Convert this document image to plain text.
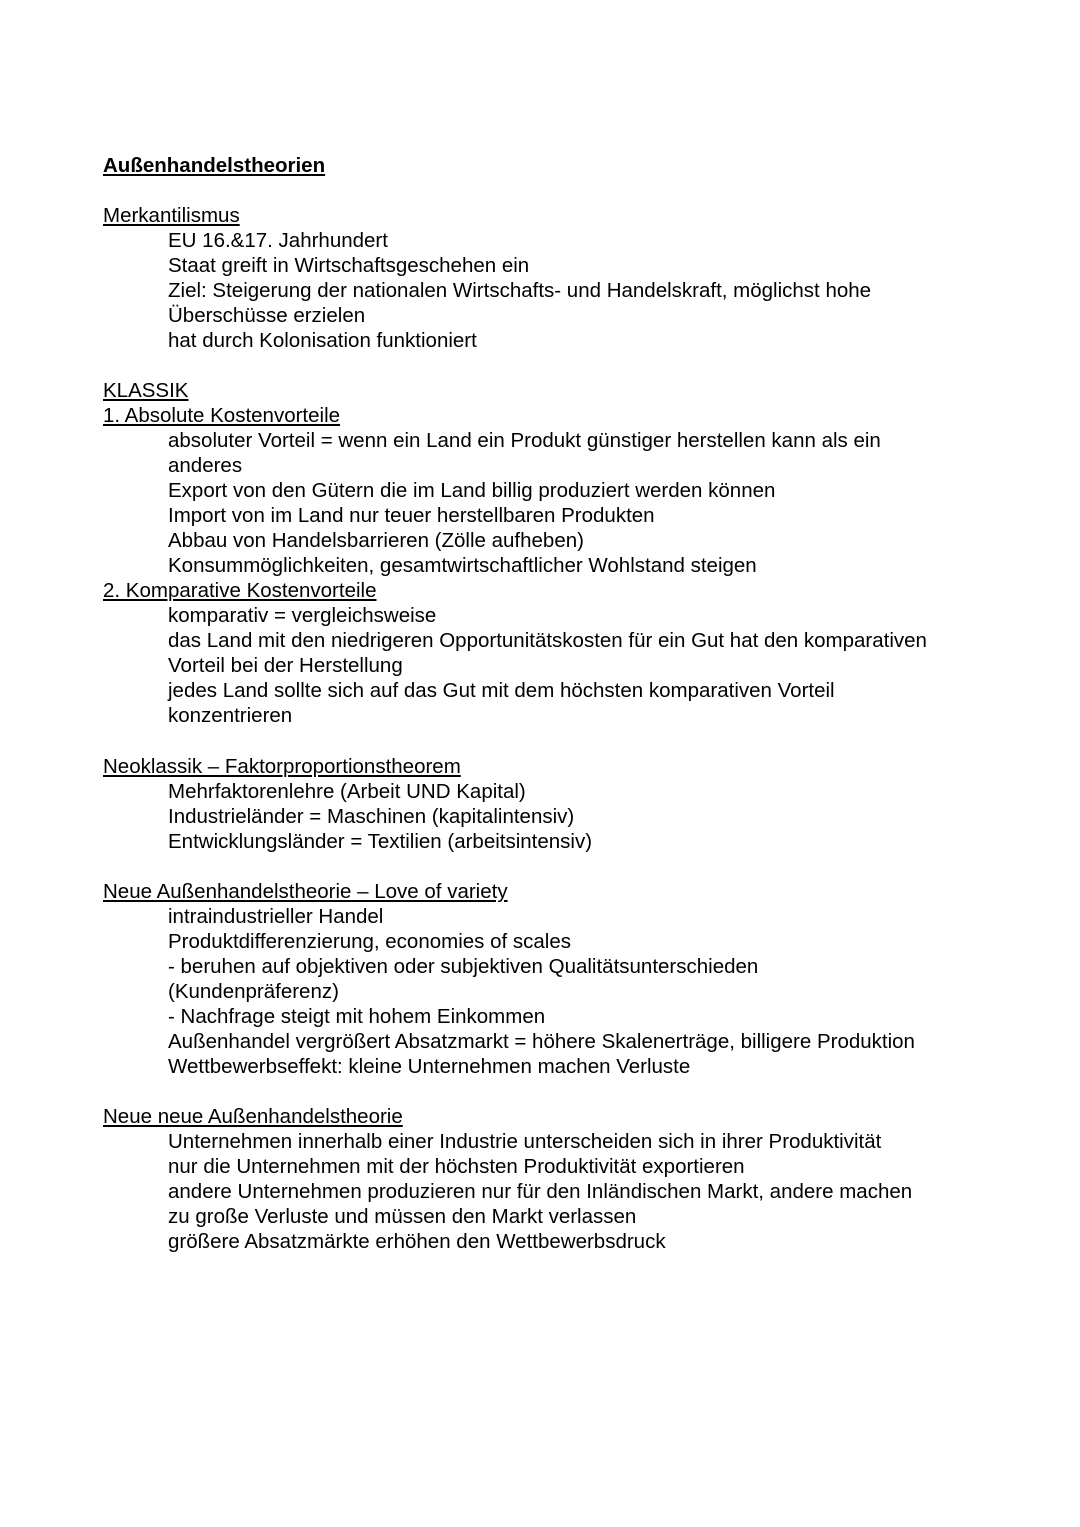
Außenhandelstheorien
Merkantilismus
EU 16.&17. Jahrhundert
Staat greift in Wirtschaftsgeschehen ein
Ziel: Steigerung der nationalen Wirtschafts- und Handelskraft, möglichst hohe
Überschüsse erzielen
hat durch Kolonisation funktioniert
KLASSIK
1. Absolute Kostenvorteile
absoluter Vorteil = wenn ein Land ein Produkt günstiger herstellen kann als ein
anderes
Export von den Gütern die im Land billig produziert werden können
Import von im Land nur teuer herstellbaren Produkten
Abbau von Handelsbarrieren (Zölle aufheben)
Konsummöglichkeiten, gesamtwirtschaftlicher Wohlstand steigen
2. Komparative Kostenvorteile
komparativ = vergleichsweise
das Land mit den niedrigeren Opportunitätskosten für ein Gut hat den komparativen
Vorteil bei der Herstellung
jedes Land sollte sich auf das Gut mit dem höchsten komparativen Vorteil
konzentrieren
Neoklassik – Faktorproportionstheorem
Mehrfaktorenlehre (Arbeit UND Kapital)
Industrieländer = Maschinen (kapitalintensiv)
Entwicklungsländer = Textilien (arbeitsintensiv)
Neue Außenhandelstheorie – Love of variety
intraindustrieller Handel
Produktdifferenzierung, economies of scales
- beruhen auf objektiven oder subjektiven Qualitätsunterschieden
(Kundenpräferenz)
- Nachfrage steigt mit hohem Einkommen
Außenhandel vergrößert Absatzmarkt = höhere Skalenerträge, billigere Produktion
Wettbewerbseffekt: kleine Unternehmen machen Verluste
Neue neue Außenhandelstheorie
Unternehmen innerhalb einer Industrie unterscheiden sich in ihrer Produktivität
nur die Unternehmen mit der höchsten Produktivität exportieren
andere Unternehmen produzieren nur für den Inländischen Markt, andere machen
zu große Verluste und müssen den Markt verlassen
größere Absatzmärkte erhöhen den Wettbewerbsdruck
